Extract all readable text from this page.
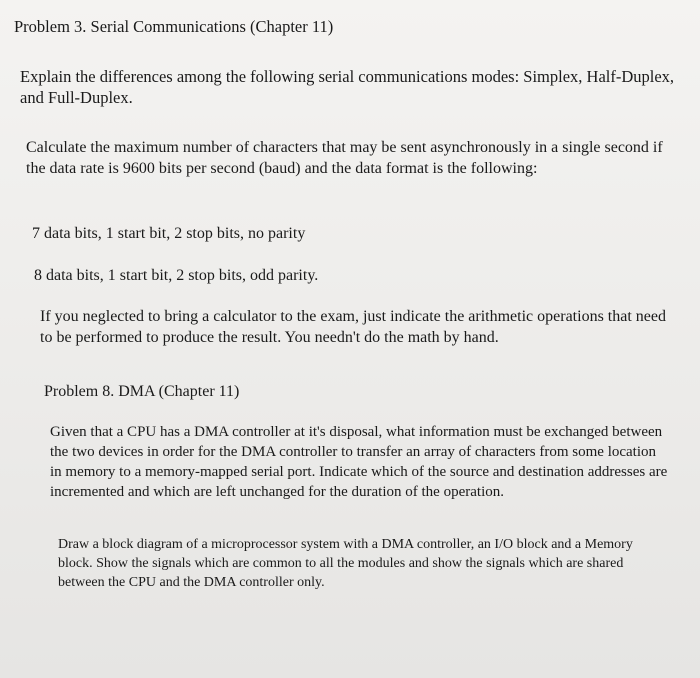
Problem 3. Serial Communications (Chapter 11)

Explain the differences among the following serial communications modes: Simplex, Half-Duplex, and Full-Duplex.

Calculate the maximum number of characters that may be sent asynchronously in a single second if the data rate is 9600 bits per second (baud) and the data format is the following:

7 data bits, 1 start bit, 2 stop bits, no parity

8 data bits, 1 start bit, 2 stop bits, odd parity.

If you neglected to bring a calculator to the exam, just indicate the arithmetic operations that need to be performed to produce the result. You needn't do the math by hand.

Problem 8. DMA (Chapter 11)

Given that a CPU has a DMA controller at it's disposal, what information must be exchanged between the two devices in order for the DMA controller to transfer an array of characters from some location in memory to a memory-mapped serial port. Indicate which of the source and destination addresses are incremented and which are left unchanged for the duration of the operation.

Draw a block diagram of a microprocessor system with a DMA controller, an I/O block and a Memory block. Show the signals which are common to all the modules and show the signals which are shared between the CPU and the DMA controller only.
